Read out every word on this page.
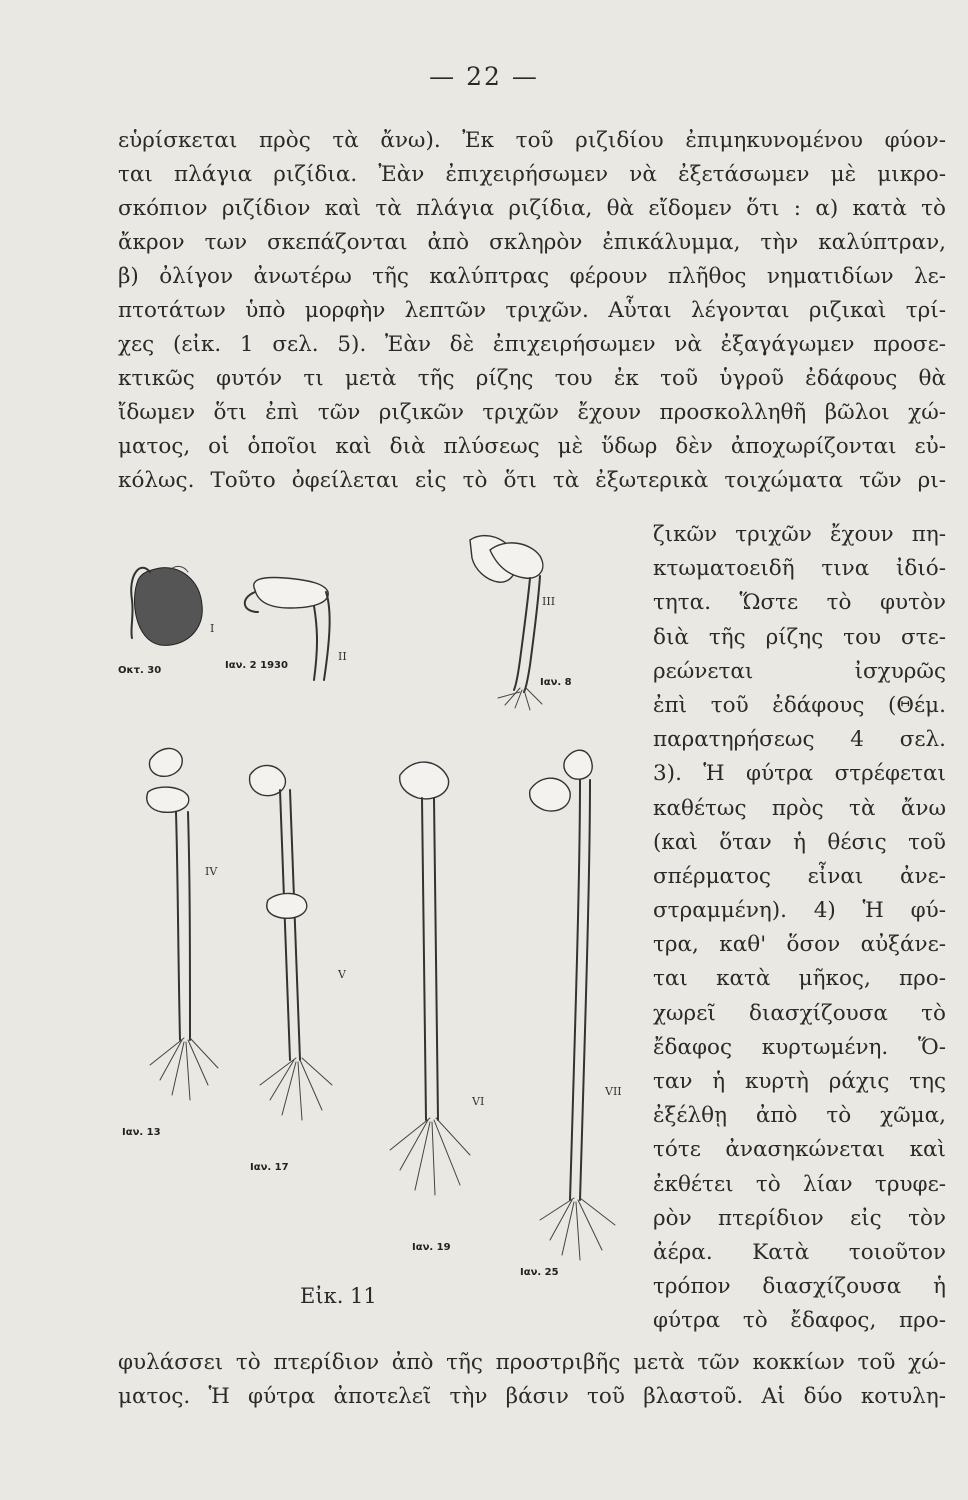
— 22 —
εὑρίσκεται πρὸς τὰ ἄνω). Ἐκ τοῦ ριζιδίου ἐπιμηκυνομένου φύον-
ται πλάγια ριζίδια. Ἐὰν ἐπιχειρήσωμεν νὰ ἐξετάσωμεν μὲ μικρο-
σκόπιον ριζίδιον καὶ τὰ πλάγια ριζίδια, θὰ εἴδομεν ὅτι : α) κατὰ τὸ
ἄκρον των σκεπάζονται ἀπὸ σκληρὸν ἐπικάλυμμα, τὴν καλύπτραν,
β) ὀλίγον ἀνωτέρω τῆς καλύπτρας φέρουν πλῆθος νηματιδίων λε-
πτοτάτων ὑπὸ μορφὴν λεπτῶν τριχῶν. Αὗται λέγονται ριζικαὶ τρί-
χες (εἰκ. 1 σελ. 5). Ἐὰν δὲ ἐπιχειρήσωμεν νὰ ἐξαγάγωμεν προσε-
κτικῶς φυτόν τι μετὰ τῆς ρίζης του ἐκ τοῦ ὑγροῦ ἐδάφους θὰ
ἴδωμεν ὅτι ἐπὶ τῶν ριζικῶν τριχῶν ἔχουν προσκολληθῆ βῶλοι χώ-
ματος, οἱ ὁποῖοι καὶ διὰ πλύσεως μὲ ὕδωρ δὲν ἀποχωρίζονται εὐ-
κόλως. Τοῦτο ὀφείλεται εἰς τὸ ὅτι τὰ ἐξωτερικὰ τοιχώματα τῶν ρι-
ζικῶν τριχῶν ἔχουν πη-
κτωματοειδῆ τινα ἰδιό-
τητα. Ὥστε τὸ φυτὸν
διὰ τῆς ρίζης του στε-
ρεώνεται ἰσχυρῶς
ἐπὶ τοῦ ἐδάφους (Θέμ.
παρατηρήσεως 4 σελ.
3). Ἡ φύτρα στρέφεται
καθέτως πρὸς τὰ ἄνω
(καὶ ὅταν ἡ θέσις τοῦ
σπέρματος εἶναι ἀνε-
στραμμένη). 4) Ἡ φύ-
τρα, καθ' ὅσον αὐξάνε-
ται κατὰ μῆκος, προ-
χωρεῖ διασχίζουσα τὸ
ἔδαφος κυρτωμένη. Ὅ-
ταν ἡ κυρτὴ ράχις της
ἐξέλθῃ ἀπὸ τὸ χῶμα,
τότε ἀνασηκώνεται καὶ
ἐκθέτει τὸ λίαν τρυφε-
ρὸν πτερίδιον εἰς τὸν
ἀέρα. Κατὰ τοιοῦτον
τρόπον διασχίζουσα ἡ
φύτρα τὸ ἔδαφος, προ-
I
Οκτ. 30
II
Ιαν. 2 1930
III
Ιαν. 8
IV
Ιαν. 13
V
Ιαν. 17
VI
Ιαν. 19
VII
Ιαν. 25
Εἰκ. 11
φυλάσσει τὸ πτερίδιον ἀπὸ τῆς προστριβῆς μετὰ τῶν κοκκίων τοῦ χώ-
ματος. Ἡ φύτρα ἀποτελεῖ τὴν βάσιν τοῦ βλαστοῦ. Αἱ δύο κοτυλη-
